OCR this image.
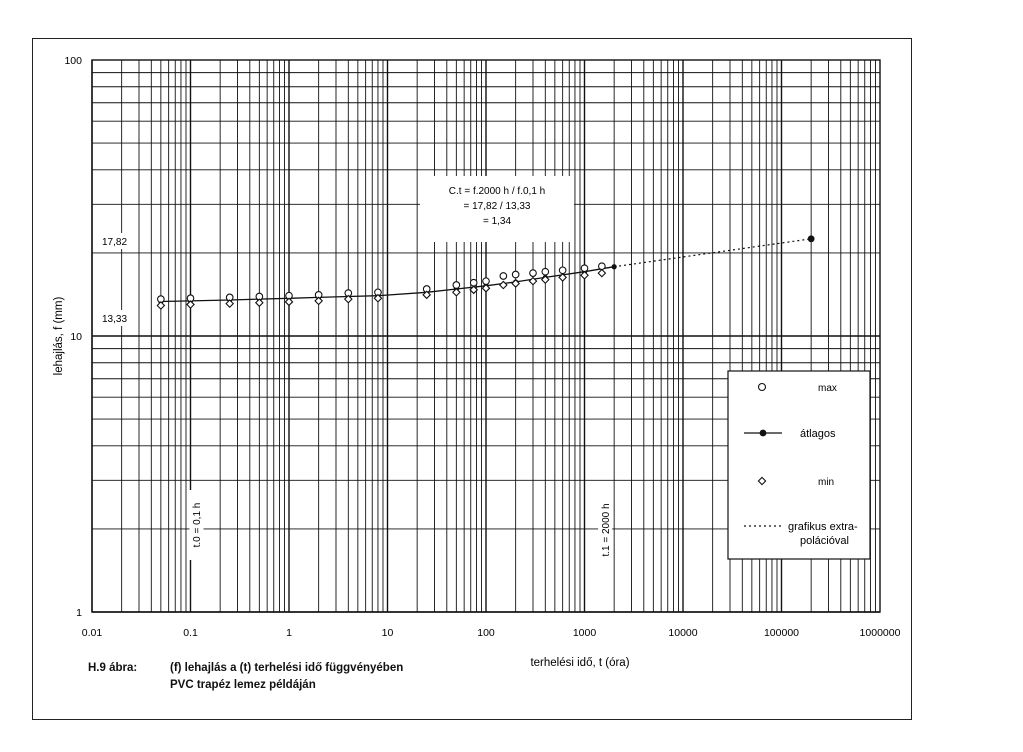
C.t = f.2000 h / f.0,1 h
= 17,82 / 13,33
= 1,34
17,82
13,33
t.0 = 0,1 h	t.1 = 2000 h
max
átlagos
min
grafikus extra-
polációval
0.01	0.1	1	10	100	1000	10000	100000	1000000
1
10
100
terhelési idő, t (óra)
lehajlás, f (mm)
H.9 ábra:	(f) lehajlás a (t) terhelési idő függvényében
PVC trapéz lemez példáján
